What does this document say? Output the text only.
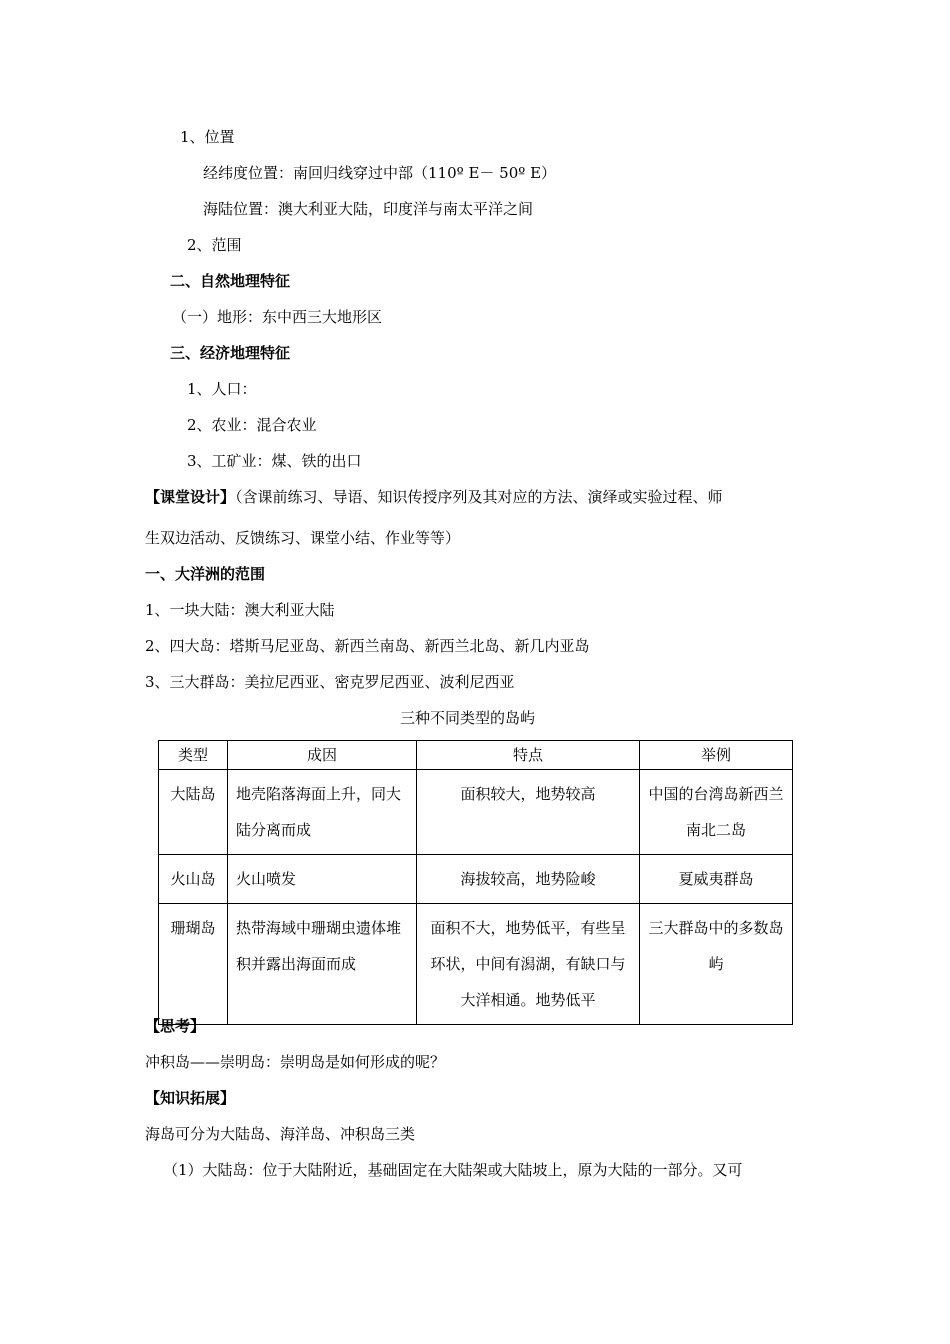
1、位置
经纬度位置：南回归线穿过中部（110º E－ 50º E）
海陆位置：澳大利亚大陆，印度洋与南太平洋之间
2、范围
二、自然地理特征
（一）地形：东中西三大地形区
三、经济地理特征
1、人口：
2、农业：混合农业
3、工矿业：煤、铁的出口
【课堂设计】（含课前练习、导语、知识传授序列及其对应的方法、演绎或实验过程、师
生双边活动、反馈练习、课堂小结、作业等等）
一、大洋洲的范围
1、一块大陆：澳大利亚大陆
2、四大岛：塔斯马尼亚岛、新西兰南岛、新西兰北岛、新几内亚岛
3、三大群岛：美拉尼西亚、密克罗尼西亚、波利尼西亚
三种不同类型的岛屿
类型	成因	特点	举例
大陆岛	地壳陷落海面上升，同大陆分离而成	面积较大，地势较高	中国的台湾岛新西兰南北二岛
火山岛	火山喷发	海拔较高，地势险峻	夏威夷群岛
珊瑚岛	热带海域中珊瑚虫遗体堆积并露出海面而成	面积不大，地势低平，有些呈环状，中间有潟湖，有缺口与大洋相通。地势低平	三大群岛中的多数岛屿
【思考】
冲积岛——崇明岛：崇明岛是如何形成的呢？
【知识拓展】
海岛可分为大陆岛、海洋岛、冲积岛三类
（1）大陆岛：位于大陆附近，基础固定在大陆架或大陆坡上，原为大陆的一部分。又可
